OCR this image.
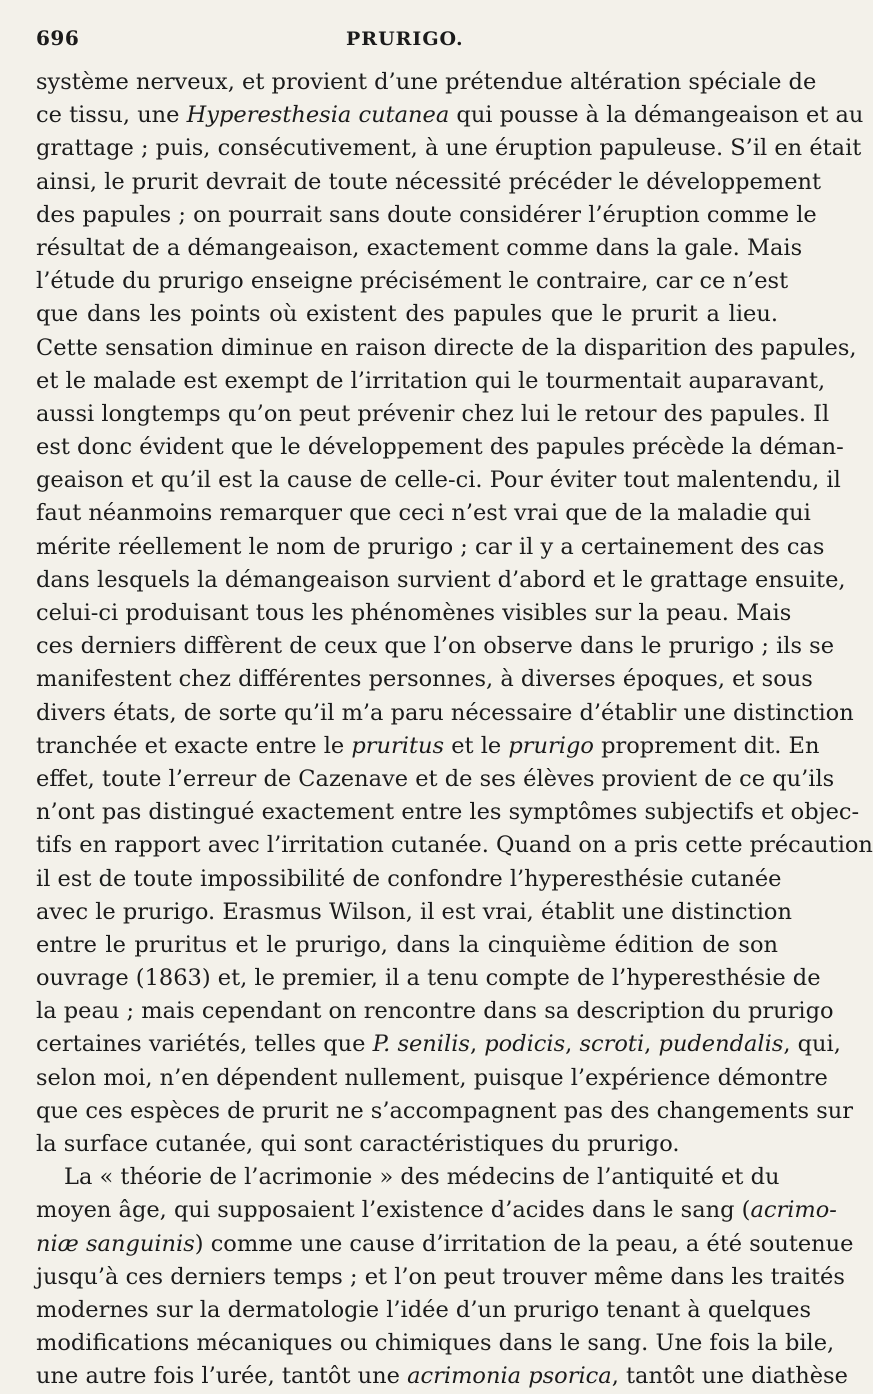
696	PRURIGO.
système nerveux, et provient d’une prétendue altération spéciale de
ce tissu, une Hyperesthesia cutanea qui pousse à la démangeaison et au
grattage ; puis, consécutivement, à une éruption papuleuse. S’il en était
ainsi, le prurit devrait de toute nécessité précéder le développement
des papules ; on pourrait sans doute considérer l’éruption comme le
résultat de a démangeaison, exactement comme dans la gale. Mais
l’étude du prurigo enseigne précisément le contraire, car ce n’est
que dans les points où existent des papules que le prurit a lieu.
Cette sensation diminue en raison directe de la disparition des papules,
et le malade est exempt de l’irritation qui le tourmentait auparavant,
aussi longtemps qu’on peut prévenir chez lui le retour des papules. Il
est donc évident que le développement des papules précède la déman-
geaison et qu’il est la cause de celle-ci. Pour éviter tout malentendu, il
faut néanmoins remarquer que ceci n’est vrai que de la maladie qui
mérite réellement le nom de prurigo ; car il y a certainement des cas
dans lesquels la démangeaison survient d’abord et le grattage ensuite,
celui-ci produisant tous les phénomènes visibles sur la peau. Mais
ces derniers diffèrent de ceux que l’on observe dans le prurigo ; ils se
manifestent chez différentes personnes, à diverses époques, et sous
divers états, de sorte qu’il m’a paru nécessaire d’établir une distinction
tranchée et exacte entre le pruritus et le prurigo proprement dit. En
effet, toute l’erreur de Cazenave et de ses élèves provient de ce qu’ils
n’ont pas distingué exactement entre les symptômes subjectifs et objec-
tifs en rapport avec l’irritation cutanée. Quand on a pris cette précaution
il est de toute impossibilité de confondre l’hyperesthésie cutanée
avec le prurigo. Erasmus Wilson, il est vrai, établit une distinction
entre le pruritus et le prurigo, dans la cinquième édition de son
ouvrage (1863) et, le premier, il a tenu compte de l’hyperesthésie de
la peau ; mais cependant on rencontre dans sa description du prurigo
certaines variétés, telles que P. senilis, podicis, scroti, pudendalis, qui,
selon moi, n’en dépendent nullement, puisque l’expérience démontre
que ces espèces de prurit ne s’accompagnent pas des changements sur
la surface cutanée, qui sont caractéristiques du prurigo.
La « théorie de l’acrimonie » des médecins de l’antiquité et du
moyen âge, qui supposaient l’existence d’acides dans le sang (acrimo-
niæ sanguinis) comme une cause d’irritation de la peau, a été soutenue
jusqu’à ces derniers temps ; et l’on peut trouver même dans les traités
modernes sur la dermatologie l’idée d’un prurigo tenant à quelques
modifications mécaniques ou chimiques dans le sang. Une fois la bile,
une autre fois l’urée, tantôt une acrimonia psorica, tantôt une diathèse
